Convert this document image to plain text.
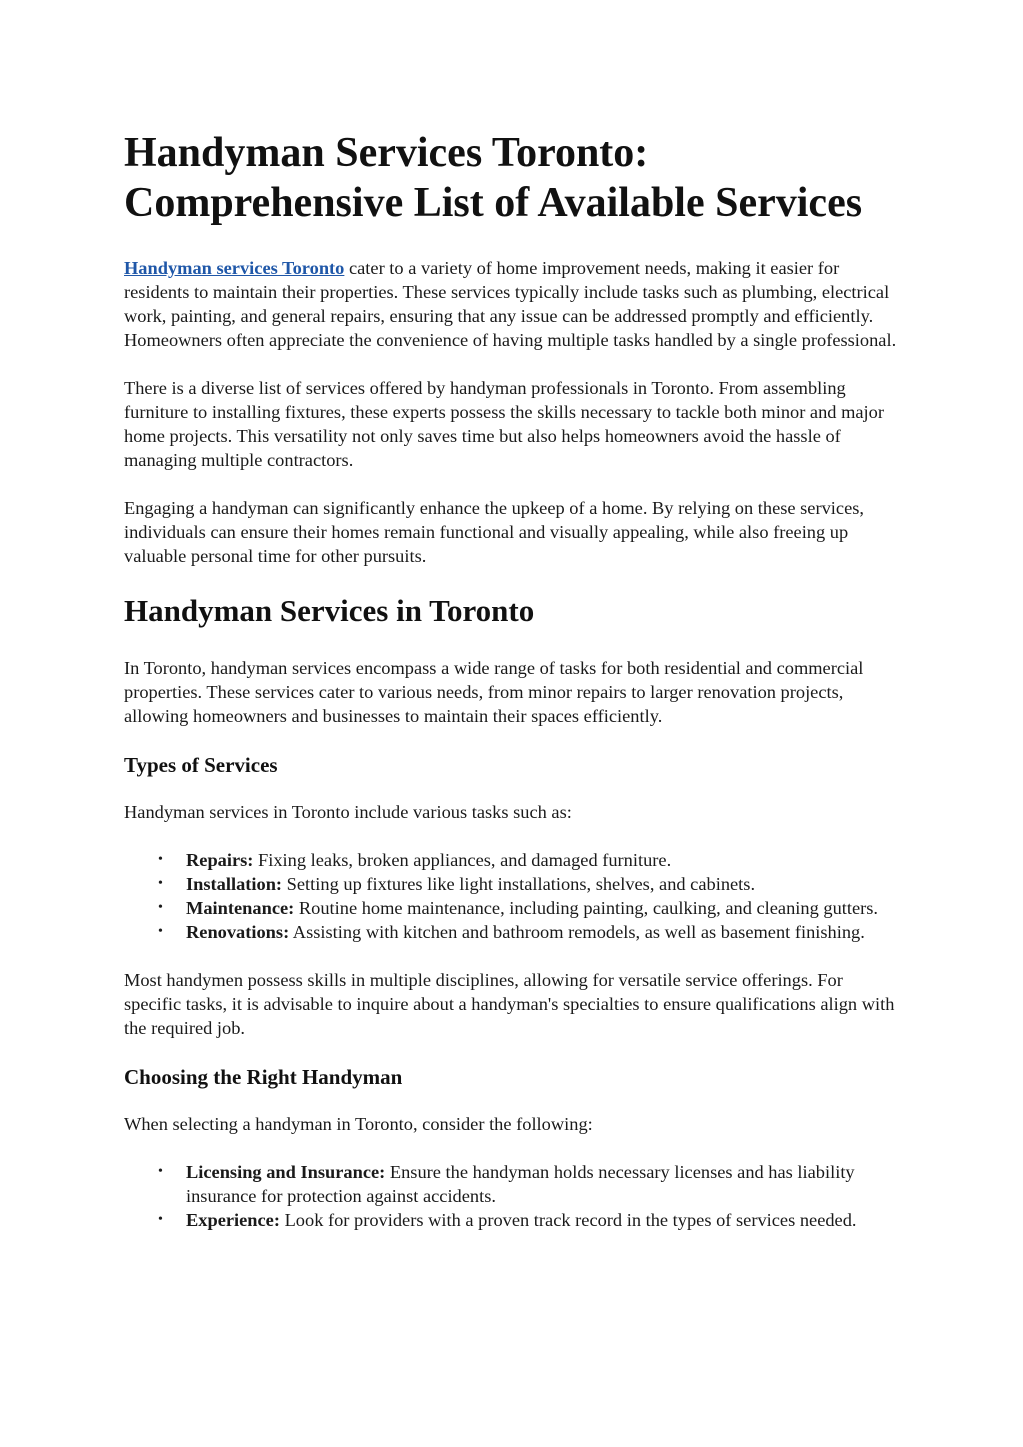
Handyman Services Toronto: Comprehensive List of Available Services

Handyman services Toronto cater to a variety of home improvement needs, making it easier for residents to maintain their properties. These services typically include tasks such as plumbing, electrical work, painting, and general repairs, ensuring that any issue can be addressed promptly and efficiently. Homeowners often appreciate the convenience of having multiple tasks handled by a single professional.

There is a diverse list of services offered by handyman professionals in Toronto. From assembling furniture to installing fixtures, these experts possess the skills necessary to tackle both minor and major home projects. This versatility not only saves time but also helps homeowners avoid the hassle of managing multiple contractors.

Engaging a handyman can significantly enhance the upkeep of a home. By relying on these services, individuals can ensure their homes remain functional and visually appealing, while also freeing up valuable personal time for other pursuits.

Handyman Services in Toronto

In Toronto, handyman services encompass a wide range of tasks for both residential and commercial properties. These services cater to various needs, from minor repairs to larger renovation projects, allowing homeowners and businesses to maintain their spaces efficiently.

Types of Services

Handyman services in Toronto include various tasks such as:

• Repairs: Fixing leaks, broken appliances, and damaged furniture.
• Installation: Setting up fixtures like light installations, shelves, and cabinets.
• Maintenance: Routine home maintenance, including painting, caulking, and cleaning gutters.
• Renovations: Assisting with kitchen and bathroom remodels, as well as basement finishing.

Most handymen possess skills in multiple disciplines, allowing for versatile service offerings. For specific tasks, it is advisable to inquire about a handyman's specialties to ensure qualifications align with the required job.

Choosing the Right Handyman

When selecting a handyman in Toronto, consider the following:

• Licensing and Insurance: Ensure the handyman holds necessary licenses and has liability insurance for protection against accidents.
• Experience: Look for providers with a proven track record in the types of services needed.
